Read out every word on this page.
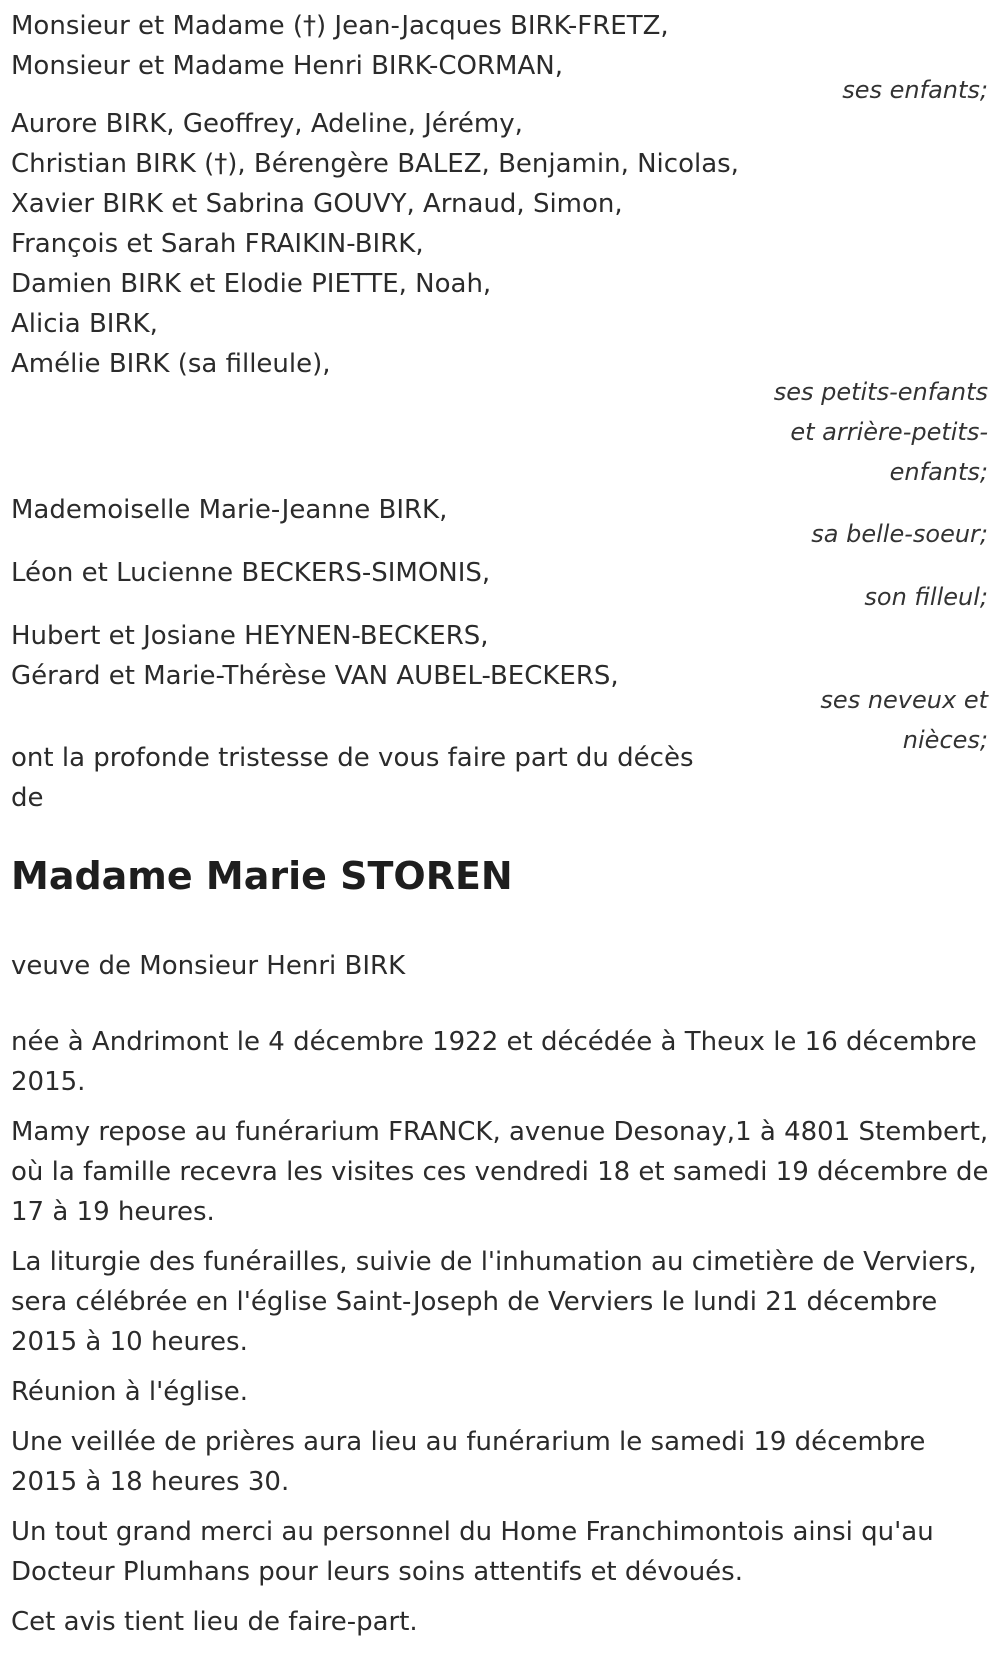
Monsieur et Madame (†) Jean-Jacques BIRK-FRETZ,
Monsieur et Madame Henri BIRK-CORMAN,
ses enfants;
Aurore BIRK, Geoffrey, Adeline, Jérémy,
Christian BIRK (†), Bérengère BALEZ, Benjamin, Nicolas,
Xavier BIRK et Sabrina GOUVY, Arnaud, Simon,
François et Sarah FRAIKIN-BIRK,
Damien BIRK et Elodie PIETTE, Noah,
Alicia BIRK,
Amélie BIRK (sa filleule),
ses petits-enfants et arrière-petits-enfants;
Mademoiselle Marie-Jeanne BIRK,
sa belle-soeur;
Léon et Lucienne BECKERS-SIMONIS,
son filleul;
Hubert et Josiane HEYNEN-BECKERS,
Gérard et Marie-Thérèse VAN AUBEL-BECKERS,
ses neveux et nièces;
ont la profonde tristesse de vous faire part du décès de
Madame Marie STOREN
veuve de Monsieur Henri BIRK

née à Andrimont le 4 décembre 1922 et décédée à Theux le 16 décembre 2015.

Mamy repose au funérarium FRANCK, avenue Desonay,1 à 4801 Stembert, où la famille recevra les visites ces vendredi 18 et samedi 19 décembre de 17 à 19 heures.

La liturgie des funérailles, suivie de l'inhumation au cimetière de Verviers, sera célébrée en l'église Saint-Joseph de Verviers le lundi 21 décembre 2015 à 10 heures.

Réunion à l'église.

Une veillée de prières aura lieu au funérarium le samedi 19 décembre 2015 à 18 heures 30.

Un tout grand merci au personnel du Home Franchimontois ainsi qu'au Docteur Plumhans pour leurs soins attentifs et dévoués.

Cet avis tient lieu de faire-part.
